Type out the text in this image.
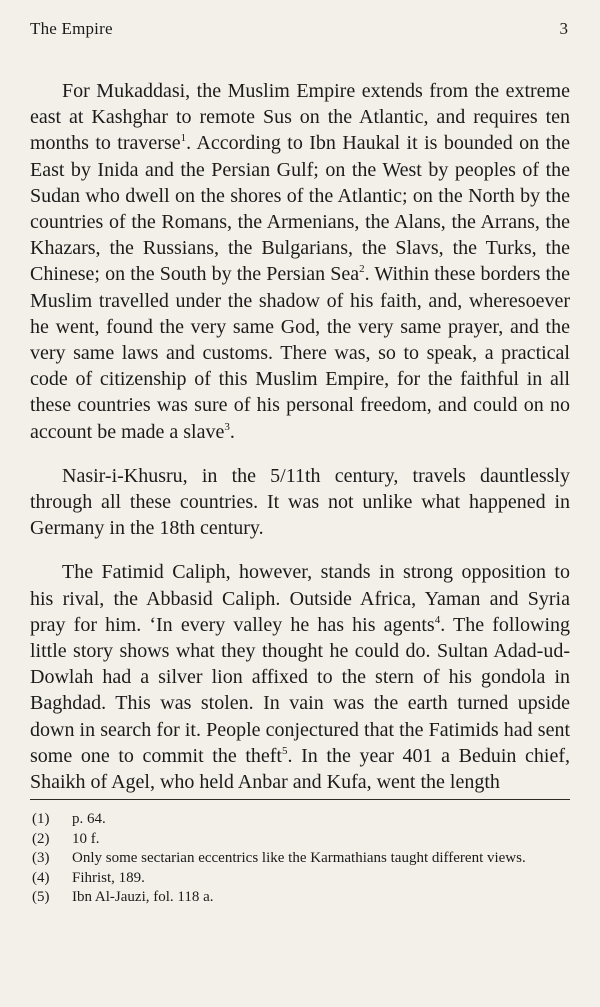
The Empire	3

For Mukaddasi, the Muslim Empire extends from the extreme east at Kashghar to remote Sus on the Atlantic, and requires ten months to traverse$^1$. According to Ibn Haukal it is bounded on the East by Inida and the Persian Gulf; on the West by peoples of the Sudan who dwell on the shores of the Atlantic; on the North by the countries of the Romans, the Armenians, the Alans, the Arrans, the Khazars, the Russians, the Bulgarians, the Slavs, the Turks, the Chinese; on the South by the Persian Sea$^2$. Within these borders the Muslim travelled under the shadow of his faith, and, wheresoever he went, found the very same God, the very same prayer, and the very same laws and customs. There was, so to speak, a practical code of citizenship of this Muslim Empire, for the faithful in all these countries was sure of his personal freedom, and could on no account be made a slave$^3$.

Nasir-i-Khusru, in the 5/11th century, travels dauntlessly through all these countries. It was not unlike what happened in Germany in the 18th century.

The Fatimid Caliph, however, stands in strong opposition to his rival, the Abbasid Caliph. Outside Africa, Yaman and Syria pray for him. ‘In every valley he has his agents$^4$. The following little story shows what they thought he could do. Sultan Adad-ud-Dowlah had a silver lion affixed to the stern of his gondola in Baghdad. This was stolen. In vain was the earth turned upside down in search for it. People conjectured that the Fatimids had sent some one to commit the theft$^5$. In the year 401 a Beduin chief, Shaikh of Agel, who held Anbar and Kufa, went the length

(1)	p. 64.
(2)	10 f.
(3)	Only some sectarian eccentrics like the Karmathians taught different views.
(4)	Fihrist, 189.
(5)	Ibn Al-Jauzi, fol. 118 a.
